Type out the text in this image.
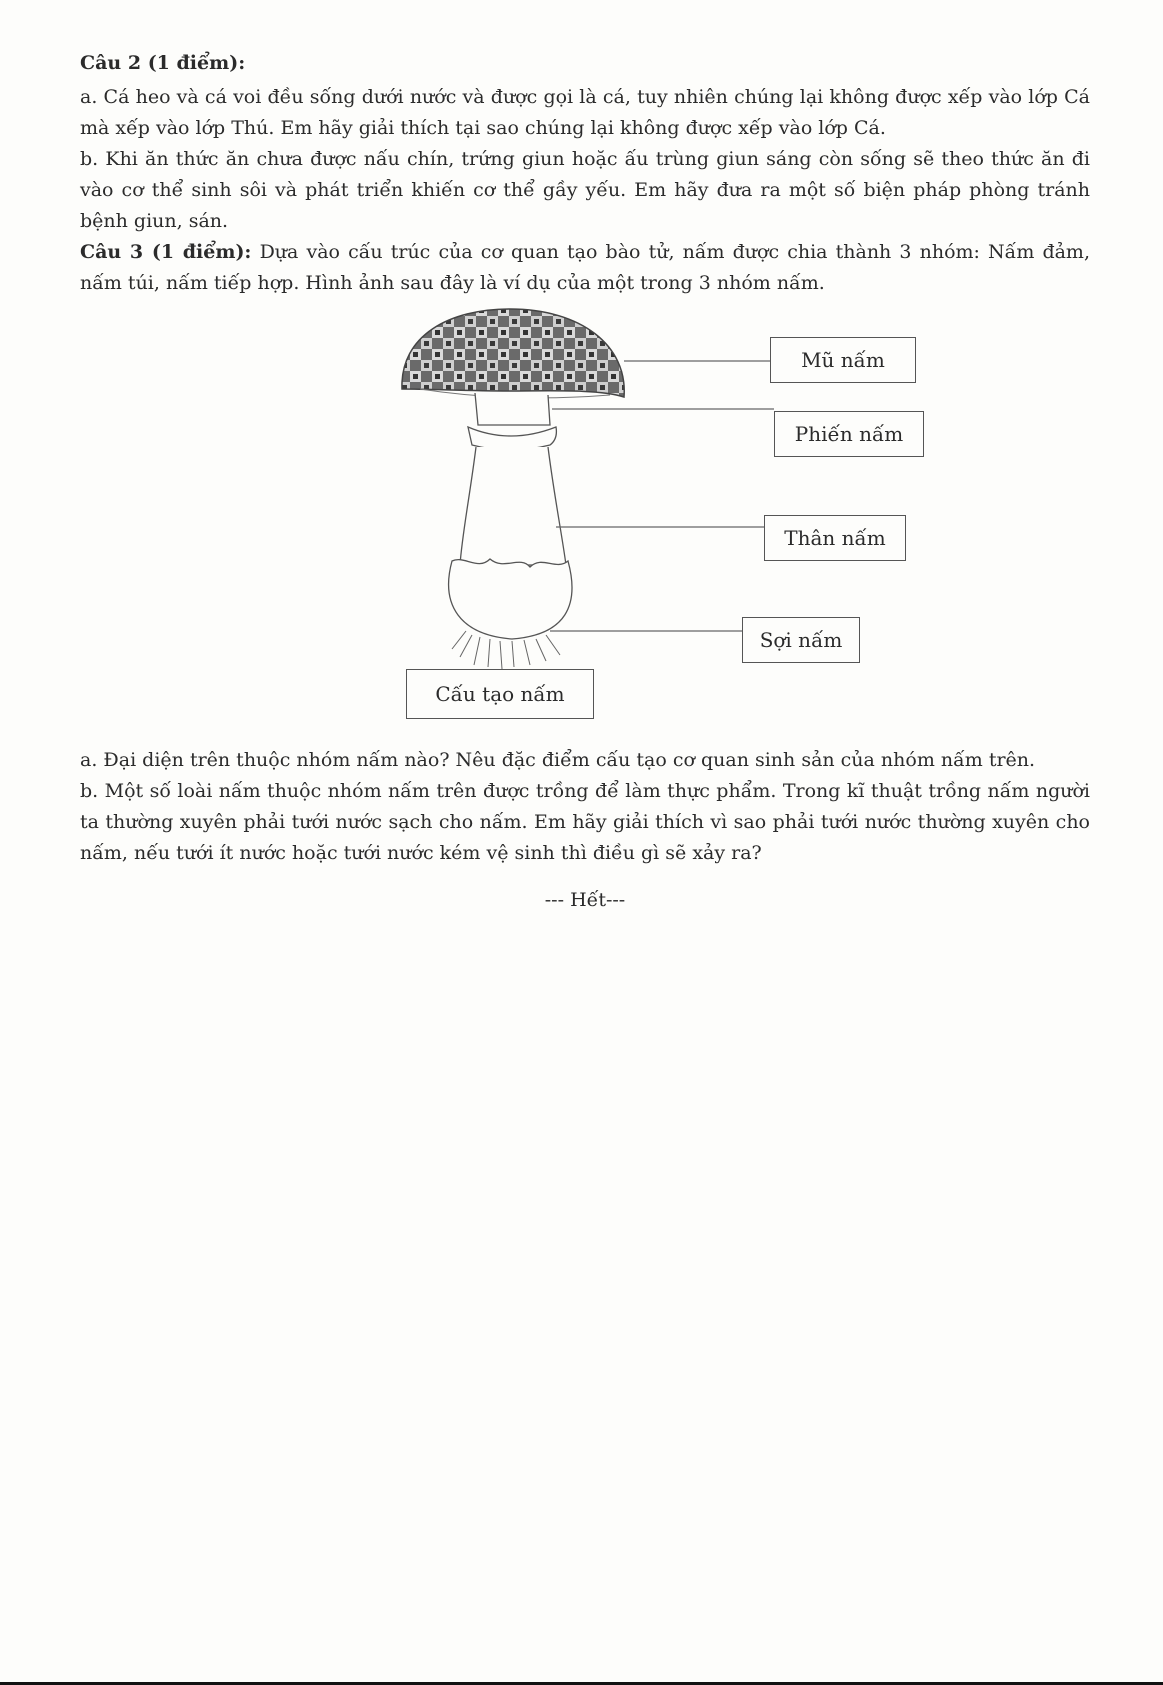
Câu 2 (1 điểm):

a. Cá heo và cá voi đều sống dưới nước và được gọi là cá, tuy nhiên chúng lại không được xếp vào lớp Cá mà xếp vào lớp Thú. Em hãy giải thích tại sao chúng lại không được xếp vào lớp Cá.

b. Khi ăn thức ăn chưa được nấu chín, trứng giun hoặc ấu trùng giun sáng còn sống sẽ theo thức ăn đi vào cơ thể sinh sôi và phát triển khiến cơ thể gầy yếu. Em hãy đưa ra một số biện pháp phòng tránh bệnh giun, sán.

Câu 3 (1 điểm): Dựa vào cấu trúc của cơ quan tạo bào tử, nấm được chia thành 3 nhóm: Nấm đảm, nấm túi, nấm tiếp hợp. Hình ảnh sau đây là ví dụ của một trong 3 nhóm nấm.

Mũ nấm
Phiến nấm
Thân nấm
Sợi nấm
Cấu tạo nấm

a. Đại diện trên thuộc nhóm nấm nào? Nêu đặc điểm cấu tạo cơ quan sinh sản của nhóm nấm trên.

b. Một số loài nấm thuộc nhóm nấm trên được trồng để làm thực phẩm. Trong kĩ thuật trồng nấm người ta thường xuyên phải tưới nước sạch cho nấm. Em hãy giải thích vì sao phải tưới nước thường xuyên cho nấm, nếu tưới ít nước hoặc tưới nước kém vệ sinh thì điều gì sẽ xảy ra?

--- Hết---
